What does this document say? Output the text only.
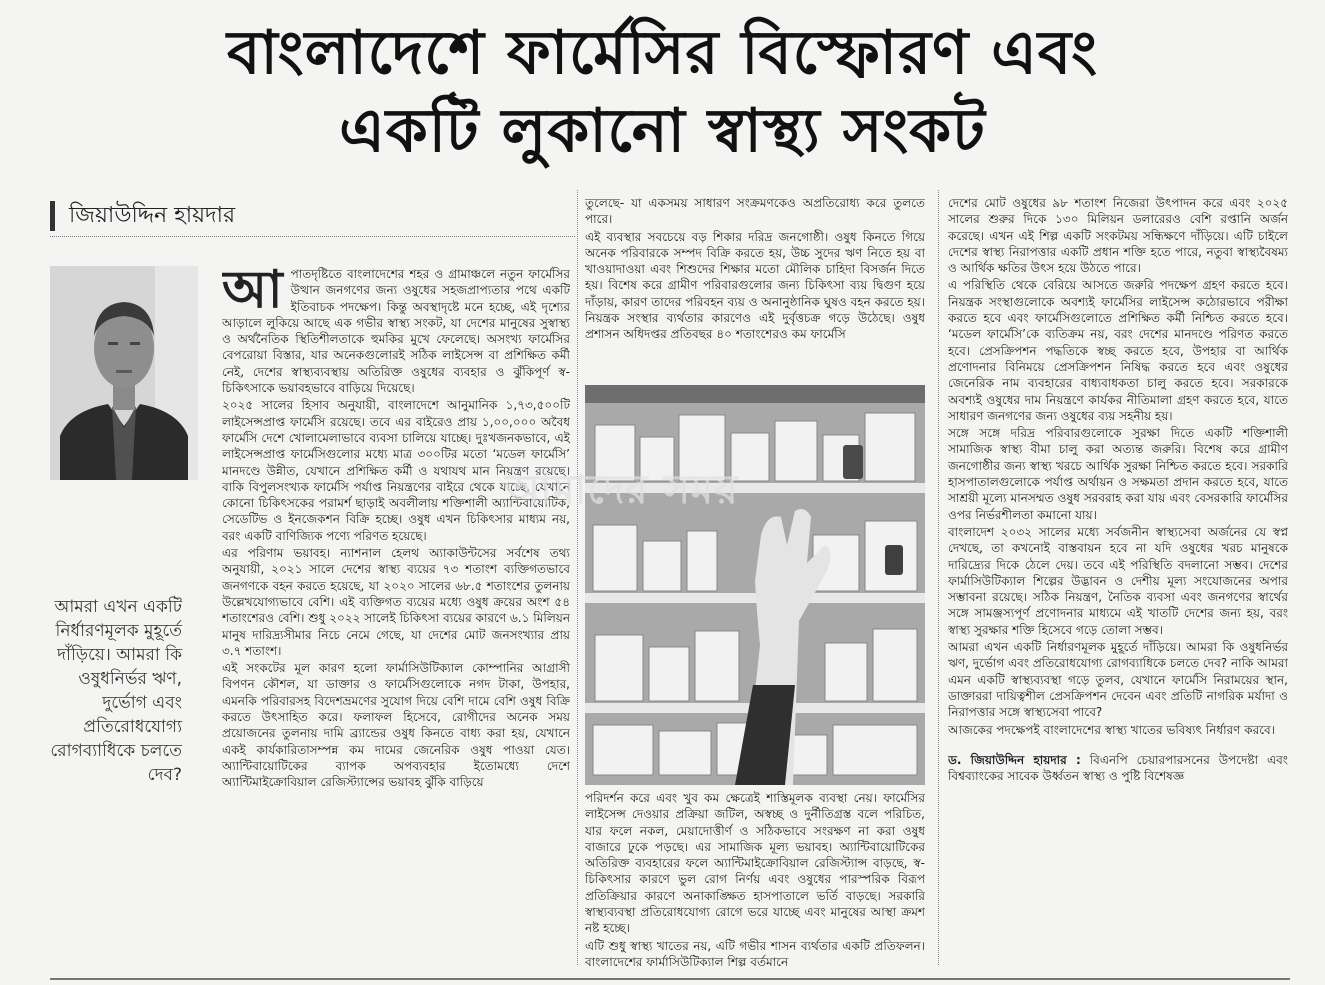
বাংলাদেশে ফার্মেসির বিস্ফোরণ এবং
একটি লুকানো স্বাস্থ্য সংকট
জিয়াউদ্দিন হায়দার
আমরা এখন একটি নির্ধারণমূলক মুহূর্তে দাঁড়িয়ে। আমরা কি ওষুধনির্ভর ঋণ, দুর্ভোগ এবং প্রতিরোধযোগ্য রোগব্যাধিকে চলতে দেব?

আপাতদৃষ্টিতে বাংলাদেশের শহর ও গ্রামাঞ্চলে নতুন ফার্মেসির উত্থান জনগণের জন্য ওষুধের সহজপ্রাপ্যতার পথে একটি ইতিবাচক পদক্ষেপ। কিন্তু অবস্থাদৃষ্টে মনে হচ্ছে, এই দৃশ্যের আড়ালে লুকিয়ে আছে এক গভীর স্বাস্থ্য সংকট, যা দেশের মানুষের সুস্বাস্থ্য ও অর্থনৈতিক স্থিতিশীলতাকে হুমকির মুখে ফেলেছে। অসংখ্য ফার্মেসির বেপরোয়া বিস্তার, যার অনেকগুলোরই সঠিক লাইসেন্স বা প্রশিক্ষিত কর্মী নেই, দেশের স্বাস্থ্যব্যবস্থায় অতিরিক্ত ওষুধের ব্যবহার ও ঝুঁকিপূর্ণ স্ব-চিকিৎসাকে ভয়াবহভাবে বাড়িয়ে দিয়েছে।

২০২৫ সালের হিসাব অনুযায়ী, বাংলাদেশে আনুমানিক ১,৭৩,৫০০টি লাইসেন্সপ্রাপ্ত ফার্মেসি রয়েছে। তবে এর বাইরেও প্রায় ১,০০,০০০ অবৈধ ফার্মেসি দেশে খোলামেলাভাবে ব্যবসা চালিয়ে যাচ্ছে। দুঃখজনকভাবে, এই লাইসেন্সপ্রাপ্ত ফার্মেসিগুলোর মধ্যে মাত্র ৩০০টির মতো ‘মডেল ফার্মেসি’ মানদণ্ডে উন্নীত, যেখানে প্রশিক্ষিত কর্মী ও যথাযথ মান নিয়ন্ত্রণ রয়েছে। বাকি বিপুলসংখ্যক ফার্মেসি পর্যাপ্ত নিয়ন্ত্রণের বাইরে থেকে যাচ্ছে, যেখানে কোনো চিকিৎসকের পরামর্শ ছাড়াই অবলীলায় শক্তিশালী অ্যান্টিবায়োটিক, সেডেটিভ ও ইনজেকশন বিক্রি হচ্ছে। ওষুধ এখন চিকিৎসার মাধ্যম নয়, বরং একটি বাণিজ্যিক পণ্যে পরিণত হয়েছে।

এর পরিণাম ভয়াবহ। ন্যাশনাল হেলথ অ্যাকাউন্টসের সর্বশেষ তথ্য অনুযায়ী, ২০২১ সালে দেশের স্বাস্থ্য ব্যয়ের ৭৩ শতাংশ ব্যক্তিগতভাবে জনগণকে বহন করতে হয়েছে, যা ২০২০ সালের ৬৮.৫ শতাংশের তুলনায় উল্লেখযোগ্যভাবে বেশি। এই ব্যক্তিগত ব্যয়ের মধ্যে ওষুধ ক্রয়ের অংশ ৫৪ শতাংশেরও বেশি। শুধু ২০২২ সালেই চিকিৎসা ব্যয়ের কারণে ৬.১ মিলিয়ন মানুষ দারিদ্র্যসীমার নিচে নেমে গেছে, যা দেশের মোট জনসংখ্যার প্রায় ৩.৭ শতাংশ।

এই সংকটের মূল কারণ হলো ফার্মাসিউটিক্যাল কোম্পানির আগ্রাসী বিপণন কৌশল, যা ডাক্তার ও ফার্মেসিগুলোকে নগদ টাকা, উপহার, এমনকি পরিবারসহ বিদেশভ্রমণের সুযোগ দিয়ে বেশি দামে বেশি ওষুধ বিক্রি করতে উৎসাহিত করে। ফলাফল হিসেবে, রোগীদের অনেক সময় প্রয়োজনের তুলনায় দামি ব্র্যান্ডের ওষুধ কিনতে বাধ্য করা হয়, যেখানে একই কার্যকারিতাসম্পন্ন কম দামের জেনেরিক ওষুধ পাওয়া যেত। অ্যান্টিবায়োটিকের ব্যাপক অপব্যবহার ইতোমধ্যে দেশে অ্যান্টিমাইক্রোবিয়াল রেজিস্ট্যান্সের ভয়াবহ ঝুঁকি বাড়িয়ে

তুলেছে- যা একসময় সাধারণ সংক্রমণকেও অপ্রতিরোধ্য করে তুলতে পারে।

এই ব্যবস্থার সবচেয়ে বড় শিকার দরিদ্র জনগোষ্ঠী। ওষুধ কিনতে গিয়ে অনেক পরিবারকে সম্পদ বিক্রি করতে হয়, উচ্চ সুদের ঋণ নিতে হয় বা খাওয়াদাওয়া এবং শিশুদের শিক্ষার মতো মৌলিক চাহিদা বিসর্জন দিতে হয়। বিশেষ করে গ্রামীণ পরিবারগুলোর জন্য চিকিৎসা ব্যয় দ্বিগুণ হয়ে দাঁড়ায়, কারণ তাদের পরিবহন ব্যয় ও অনানুষ্ঠানিক ঘুষও বহন করতে হয়। নিয়ন্ত্রক সংস্থার ব্যর্থতার কারণেও এই দুর্বৃত্তচক্র গড়ে উঠেছে। ওষুধ প্রশাসন অধিদপ্তর প্রতিবছর ৪০ শতাংশেরও কম ফার্মেসি

আমাদের সময়

পরিদর্শন করে এবং খুব কম ক্ষেত্রেই শাস্তিমূলক ব্যবস্থা নেয়। ফার্মেসির লাইসেন্স দেওয়ার প্রক্রিয়া জটিল, অস্বচ্ছ ও দুর্নীতিগ্রস্ত বলে পরিচিত, যার ফলে নকল, মেয়াদোত্তীর্ণ ও সঠিকভাবে সংরক্ষণ না করা ওষুধ বাজারে ঢুকে পড়ছে। এর সামাজিক মূল্য ভয়াবহ। অ্যান্টিবায়োটিকের অতিরিক্ত ব্যবহারের ফলে অ্যান্টিমাইক্রোবিয়াল রেজিস্ট্যান্স বাড়ছে, স্ব-চিকিৎসার কারণে ভুল রোগ নির্ণয় এবং ওষুধের পারস্পরিক বিরূপ প্রতিক্রিয়ার কারণে অনাকাঙ্ক্ষিত হাসপাতালে ভর্তি বাড়ছে। সরকারি স্বাস্থ্যব্যবস্থা প্রতিরোধযোগ্য রোগে ভরে যাচ্ছে এবং মানুষের আস্থা ক্রমশ নষ্ট হচ্ছে।

এটি শুধু স্বাস্থ্য খাতের নয়, এটি গভীর শাসন ব্যর্থতার একটি প্রতিফলন। বাংলাদেশের ফার্মাসিউটিক্যাল শিল্প বর্তমানে

দেশের মোট ওষুধের ৯৮ শতাংশ নিজেরা উৎপাদন করে এবং ২০২৫ সালের শুরুর দিকে ১৩০ মিলিয়ন ডলারেরও বেশি রপ্তানি অর্জন করেছে। এখন এই শিল্প একটি সংকটময় সন্ধিক্ষণে দাঁড়িয়ে। এটি চাইলে দেশের স্বাস্থ্য নিরাপত্তার একটি প্রধান শক্তি হতে পারে, নতুবা স্বাস্থ্যবৈষম্য ও আর্থিক ক্ষতির উৎস হয়ে উঠতে পারে।

এ পরিস্থিতি থেকে বেরিয়ে আসতে জরুরি পদক্ষেপ গ্রহণ করতে হবে। নিয়ন্ত্রক সংস্থাগুলোকে অবশ্যই ফার্মেসির লাইসেন্স কঠোরভাবে পরীক্ষা করতে হবে এবং ফার্মেসিগুলোতে প্রশিক্ষিত কর্মী নিশ্চিত করতে হবে। ‘মডেল ফার্মেসি’কে ব্যতিক্রম নয়, বরং দেশের মানদণ্ডে পরিণত করতে হবে। প্রেসক্রিপশন পদ্ধতিকে স্বচ্ছ করতে হবে, উপহার বা আর্থিক প্রণোদনার বিনিময়ে প্রেসক্রিপশন নিষিদ্ধ করতে হবে এবং ওষুধের জেনেরিক নাম ব্যবহারের বাধ্যবাধকতা চালু করতে হবে। সরকারকে অবশ্যই ওষুধের দাম নিয়ন্ত্রণে কার্যকর নীতিমালা গ্রহণ করতে হবে, যাতে সাধারণ জনগণের জন্য ওষুধের ব্যয় সহনীয় হয়।

সঙ্গে সঙ্গে দরিদ্র পরিবারগুলোকে সুরক্ষা দিতে একটি শক্তিশালী সামাজিক স্বাস্থ্য বীমা চালু করা অত্যন্ত জরুরি। বিশেষ করে গ্রামীণ জনগোষ্ঠীর জন্য স্বাস্থ্য খরচে আর্থিক সুরক্ষা নিশ্চিত করতে হবে। সরকারি হাসপাতালগুলোকে পর্যাপ্ত অর্থায়ন ও সক্ষমতা প্রদান করতে হবে, যাতে সাশ্রয়ী মূল্যে মানসম্মত ওষুধ সরবরাহ করা যায় এবং বেসরকারি ফার্মেসির ওপর নির্ভরশীলতা কমানো যায়।

বাংলাদেশ ২০৩২ সালের মধ্যে সর্বজনীন স্বাস্থ্যসেবা অর্জনের যে স্বপ্ন দেখছে, তা কখনোই বাস্তবায়ন হবে না যদি ওষুধের খরচ মানুষকে দারিদ্র্যের দিকে ঠেলে দেয়। তবে এই পরিস্থিতি বদলানো সম্ভব। দেশের ফার্মাসিউটিক্যাল শিল্পের উদ্ভাবন ও দেশীয় মূল্য সংযোজনের অপার সম্ভাবনা রয়েছে। সঠিক নিয়ন্ত্রণ, নৈতিক ব্যবসা এবং জনগণের স্বার্থের সঙ্গে সামঞ্জস্যপূর্ণ প্রণোদনার মাধ্যমে এই খাতটি দেশের জন্য হয়, বরং স্বাস্থ্য সুরক্ষার শক্তি হিসেবে গড়ে তোলা সম্ভব।

আমরা এখন একটি নির্ধারণমূলক মুহূর্তে দাঁড়িয়ে। আমরা কি ওষুধনির্ভর ঋণ, দুর্ভোগ এবং প্রতিরোধযোগ্য রোগব্যাধিকে চলতে দেব? নাকি আমরা এমন একটি স্বাস্থ্যব্যবস্থা গড়ে তুলব, যেখানে ফার্মেসি নিরাময়ের স্থান, ডাক্তাররা দায়িত্বশীল প্রেসক্রিপশন দেবেন এবং প্রতিটি নাগরিক মর্যাদা ও নিরাপত্তার সঙ্গে স্বাস্থ্যসেবা পাবে?

আজকের পদক্ষেপই বাংলাদেশের স্বাস্থ্য খাতের ভবিষ্যৎ নির্ধারণ করবে।

ড. জিয়াউদ্দিন হায়দার : বিএনপি চেয়ারপারসনের উপদেষ্টা এবং বিশ্বব্যাংকের সাবেক উর্ধ্বতন স্বাস্থ্য ও পুষ্টি বিশেষজ্ঞ
